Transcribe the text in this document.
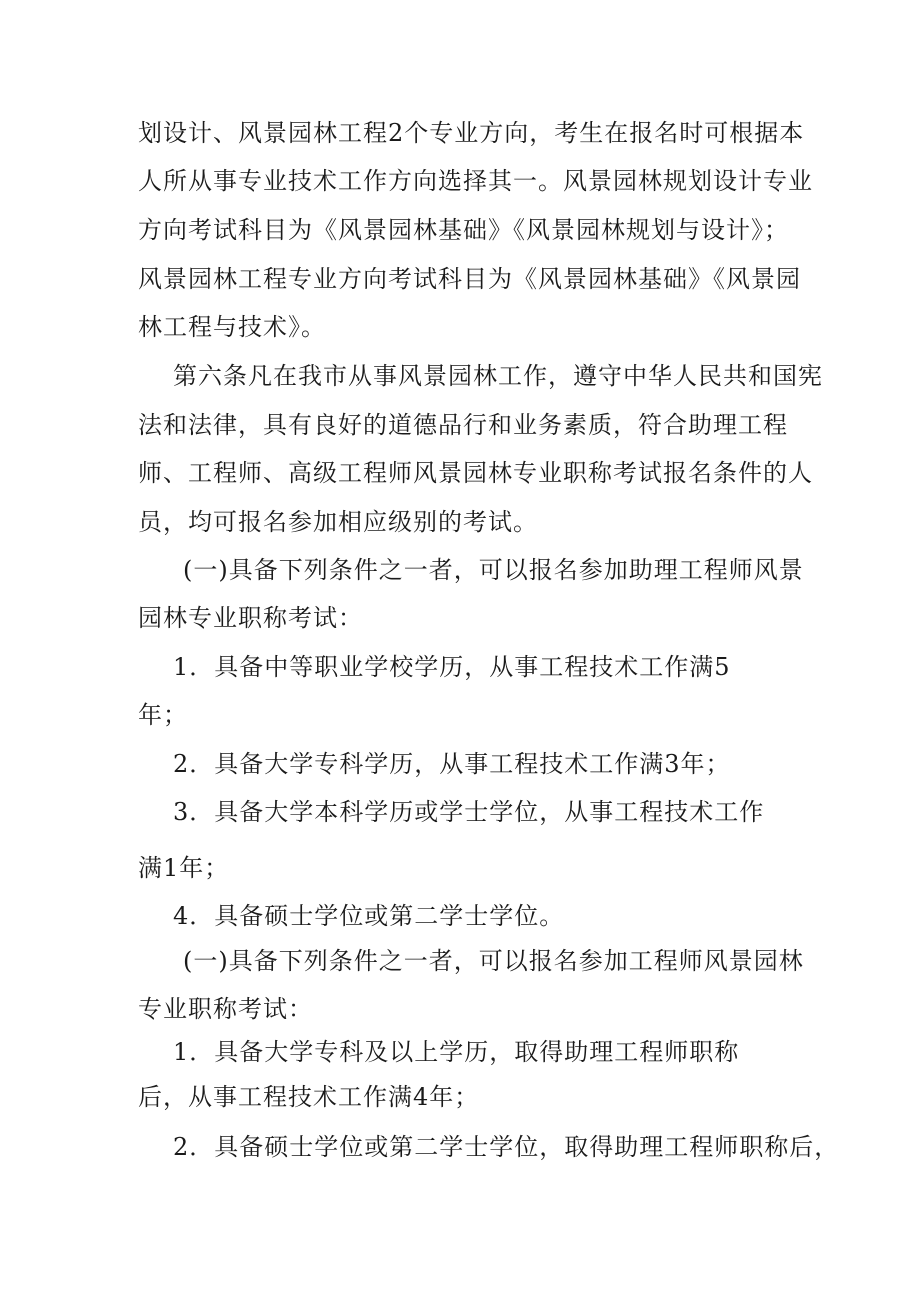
划设计、风景园林工程2个专业方向，考生在报名时可根据本
人所从事专业技术工作方向选择其一。风景园林规划设计专业
方向考试科目为《风景园林基础》《风景园林规划与设计》；
风景园林工程专业方向考试科目为《风景园林基础》《风景园
林工程与技术》。
第六条凡在我市从事风景园林工作，遵守中华人民共和国宪
法和法律，具有良好的道德品行和业务素质，符合助理工程
师、工程师、高级工程师风景园林专业职称考试报名条件的人
员，均可报名参加相应级别的考试。
(一)具备下列条件之一者，可以报名参加助理工程师风景
园林专业职称考试：
1．具备中等职业学校学历，从事工程技术工作满5
年；
2．具备大学专科学历，从事工程技术工作满3年；
3．具备大学本科学历或学士学位，从事工程技术工作
满1年；
4．具备硕士学位或第二学士学位。
(一)具备下列条件之一者，可以报名参加工程师风景园林
专业职称考试：
1．具备大学专科及以上学历，取得助理工程师职称
后，从事工程技术工作满4年；
2．具备硕士学位或第二学士学位，取得助理工程师职称后，
